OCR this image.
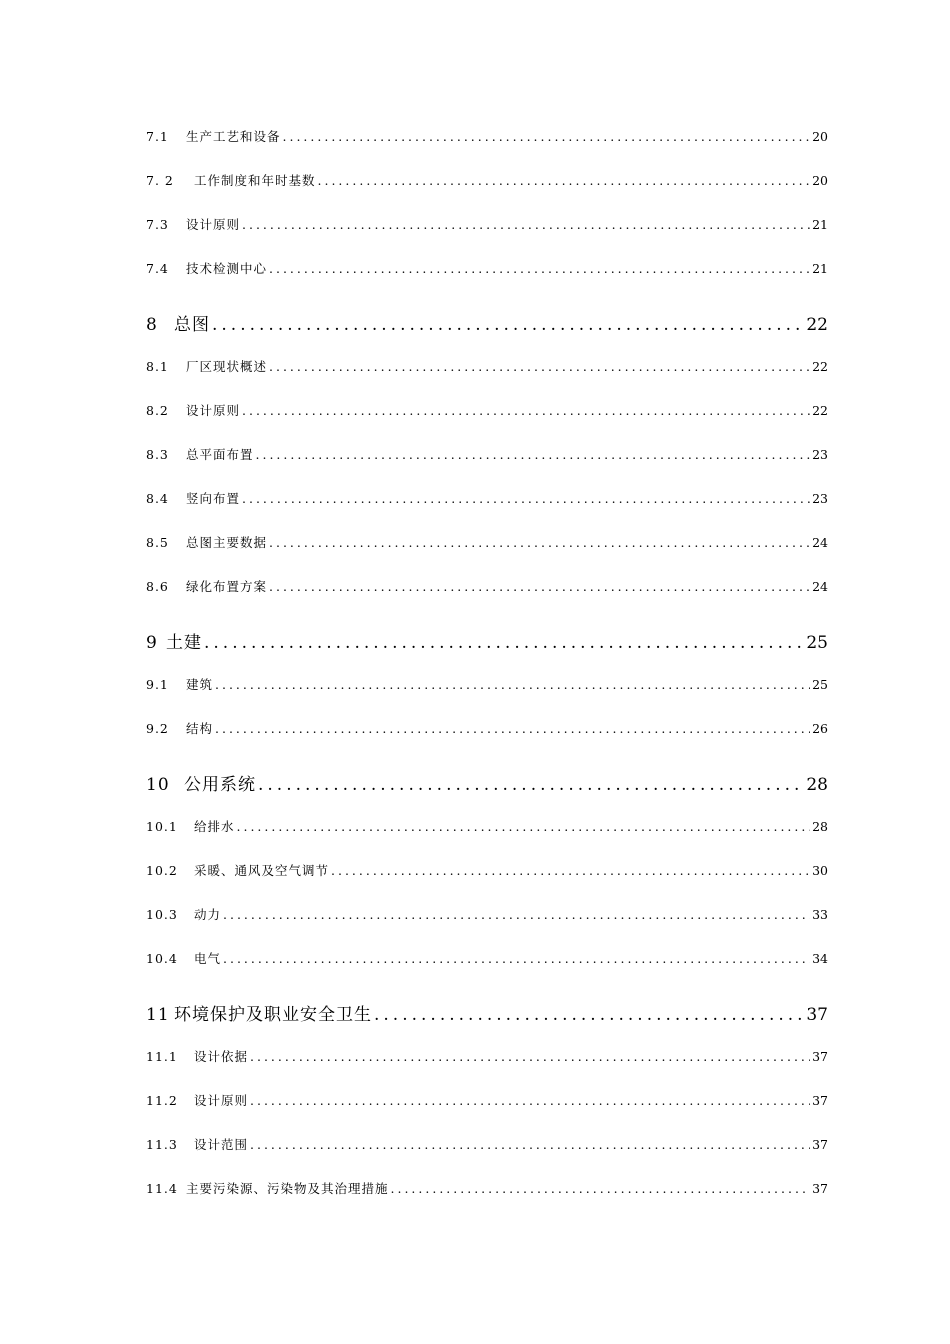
7.1	生产工艺和设备 .....	20
7. 2	工作制度和年时基数 .....	20
7.3	设计原则 .....	21
7.4	技术检测中心 .....	21
8 总图 .....	22
8.1	厂区现状概述 .....	22
8.2	设计原则 .....	22
8.3	总平面布置 .....	23
8.4	竖向布置 .....	23
8.5	总图主要数据 .....	24
8.6	绿化布置方案 .....	24
9 土建 .....	25
9.1	建筑 .....	25
9.2	结构 .....	26
10 公用系统 .....	28
10.1	给排水 .....	28
10.2	采暖、通风及空气调节 .....	30
10.3	动力 .....	33
10.4	电气 .....	34
11 环境保护及职业安全卫生 .....	37
11.1	设计依据 .....	37
11.2	设计原则 .....	37
11.3	设计范围 .....	37
11.4 主要污染源、污染物及其治理措施 .....	37
